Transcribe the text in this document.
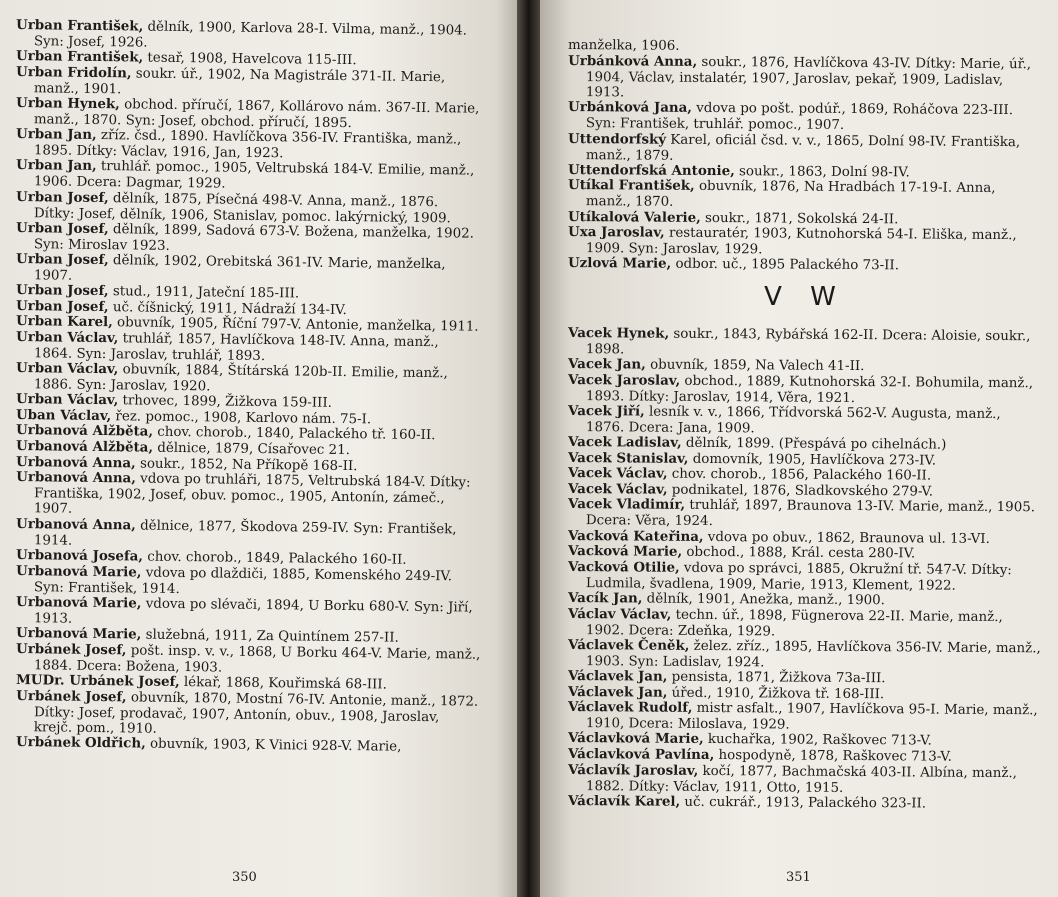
Urban František, dělník, 1900, Karlova 28-I. Vilma, manž., 1904. Syn: Josef, 1926.

Urban František, tesař, 1908, Havelcova 115-III.

Urban Fridolín, soukr. úř., 1902, Na Magistrále 371-II. Marie, manž., 1901.

Urban Hynek, obchod. příručí, 1867, Kollárovo nám. 367-II. Marie, manž., 1870. Syn: Josef, obchod. příručí, 1895.

Urban Jan, zříz. čsd., 1890. Havlíčkova 356-IV. Františka, manž., 1895. Dítky: Václav, 1916, Jan, 1923.

Urban Jan, truhlář. pomoc., 1905, Veltrubská 184-V. Emilie, manž., 1906. Dcera: Dagmar, 1929.

Urban Josef, dělník, 1875, Písečná 498-V. Anna, manž., 1876. Dítky: Josef, dělník, 1906, Stanislav, pomoc. lakýrnický, 1909.

Urban Josef, dělník, 1899, Sadová 673-V. Božena, manželka, 1902. Syn: Miroslav 1923.

Urban Josef, dělník, 1902, Orebitská 361-IV. Marie, manželka, 1907.

Urban Josef, stud., 1911, Jateční 185-III.

Urban Josef, uč. číšnický, 1911, Nádraží 134-IV.

Urban Karel, obuvník, 1905, Říční 797-V. Antonie, manželka, 1911.

Urban Václav, truhlář, 1857, Havlíčkova 148-IV. Anna, manž., 1864. Syn: Jaroslav, truhlář, 1893.

Urban Václav, obuvník, 1884, Štítárská 120b-II. Emilie, manž., 1886. Syn: Jaroslav, 1920.

Urban Václav, trhovec, 1899, Žižkova 159-III.

Uban Václav, řez. pomoc., 1908, Karlovo nám. 75-I.

Urbanová Alžběta, chov. chorob., 1840, Palackého tř. 160-II.

Urbanová Alžběta, dělnice, 1879, Císařovec 21.

Urbanová Anna, soukr., 1852, Na Příkopě 168-II.

Urbanová Anna, vdova po truhláři, 1875, Veltrubská 184-V. Dítky: Františka, 1902, Josef, obuv. pomoc., 1905, Antonín, zámeč., 1907.

Urbanová Anna, dělnice, 1877, Škodova 259-IV. Syn: František, 1914.

Urbanová Josefa, chov. chorob., 1849, Palackého 160-II.

Urbanová Marie, vdova po dlaždiči, 1885, Komenského 249-IV. Syn: František, 1914.

Urbanová Marie, vdova po slévači, 1894, U Borku 680-V. Syn: Jiří, 1913.

Urbanová Marie, služebná, 1911, Za Quintínem 257-II.

Urbánek Josef, pošt. insp. v. v., 1868, U Borku 464-V. Marie, manž., 1884. Dcera: Božena, 1903.

MUDr. Urbánek Josef, lékař, 1868, Kouřimská 68-III.

Urbánek Josef, obuvník, 1870, Mostní 76-IV. Antonie, manž., 1872. Dítky: Josef, prodavač, 1907, Antonín, obuv., 1908, Jaroslav, krejč. pom., 1910.

Urbánek Oldřich, obuvník, 1903, K Vinici 928-V. Marie,

350

manželka, 1906.

Urbánková Anna, soukr., 1876, Havlíčkova 43-IV. Dítky: Marie, úř., 1904, Václav, instalatér, 1907, Jaroslav, pekař, 1909, Ladislav, 1913.

Urbánková Jana, vdova po pošt. podúř., 1869, Roháčova 223-III. Syn: František, truhlář. pomoc., 1907.

Uttendorfský Karel, oficiál čsd. v. v., 1865, Dolní 98-IV. Františka, manž., 1879.

Uttendorfská Antonie, soukr., 1863, Dolní 98-IV.

Utíkal František, obuvník, 1876, Na Hradbách 17-19-I. Anna, manž., 1870.

Utíkalová Valerie, soukr., 1871, Sokolská 24-II.

Uxa Jaroslav, restauratér, 1903, Kutnohorská 54-I. Eliška, manž., 1909. Syn: Jaroslav, 1929.

Uzlová Marie, odbor. uč., 1895 Palackého 73-II.

V W

Vacek Hynek, soukr., 1843, Rybářská 162-II. Dcera: Aloisie, soukr., 1898.

Vacek Jan, obuvník, 1859, Na Valech 41-II.

Vacek Jaroslav, obchod., 1889, Kutnohorská 32-I. Bohumila, manž., 1893. Dítky: Jaroslav, 1914, Věra, 1921.

Vacek Jiří, lesník v. v., 1866, Třídvorská 562-V. Augusta, manž., 1876. Dcera: Jana, 1909.

Vacek Ladislav, dělník, 1899. (Přespává po cihelnách.)

Vacek Stanislav, domovník, 1905, Havlíčkova 273-IV.

Vacek Václav, chov. chorob., 1856, Palackého 160-II.

Vacek Václav, podnikatel, 1876, Sladkovského 279-V.

Vacek Vladimír, truhlář, 1897, Braunova 13-IV. Marie, manž., 1905. Dcera: Věra, 1924.

Vacková Kateřina, vdova po obuv., 1862, Braunova ul. 13-VI.

Vacková Marie, obchod., 1888, Král. cesta 280-IV.

Vacková Otilie, vdova po správci, 1885, Okružní tř. 547-V. Dítky: Ludmila, švadlena, 1909, Marie, 1913, Klement, 1922.

Vacík Jan, dělník, 1901, Anežka, manž., 1900.

Václav Václav, techn. úř., 1898, Fügnerova 22-II. Marie, manž., 1902. Dcera: Zdeňka, 1929.

Václavek Čeněk, želez. zříz., 1895, Havlíčkova 356-IV. Marie, manž., 1903. Syn: Ladislav, 1924.

Václavek Jan, pensista, 1871, Žižkova 73a-III.

Václavek Jan, úřed., 1910, Žižkova tř. 168-III.

Václavek Rudolf, mistr asfalt., 1907, Havlíčkova 95-I. Marie, manž., 1910, Dcera: Miloslava, 1929.

Václavková Marie, kuchařka, 1902, Raškovec 713-V.

Václavková Pavlína, hospodyně, 1878, Raškovec 713-V.

Václavík Jaroslav, kočí, 1877, Bachmačská 403-II. Albína, manž., 1882. Dítky: Václav, 1911, Otto, 1915.

Václavík Karel, uč. cukrář., 1913, Palackého 323-II.

351
